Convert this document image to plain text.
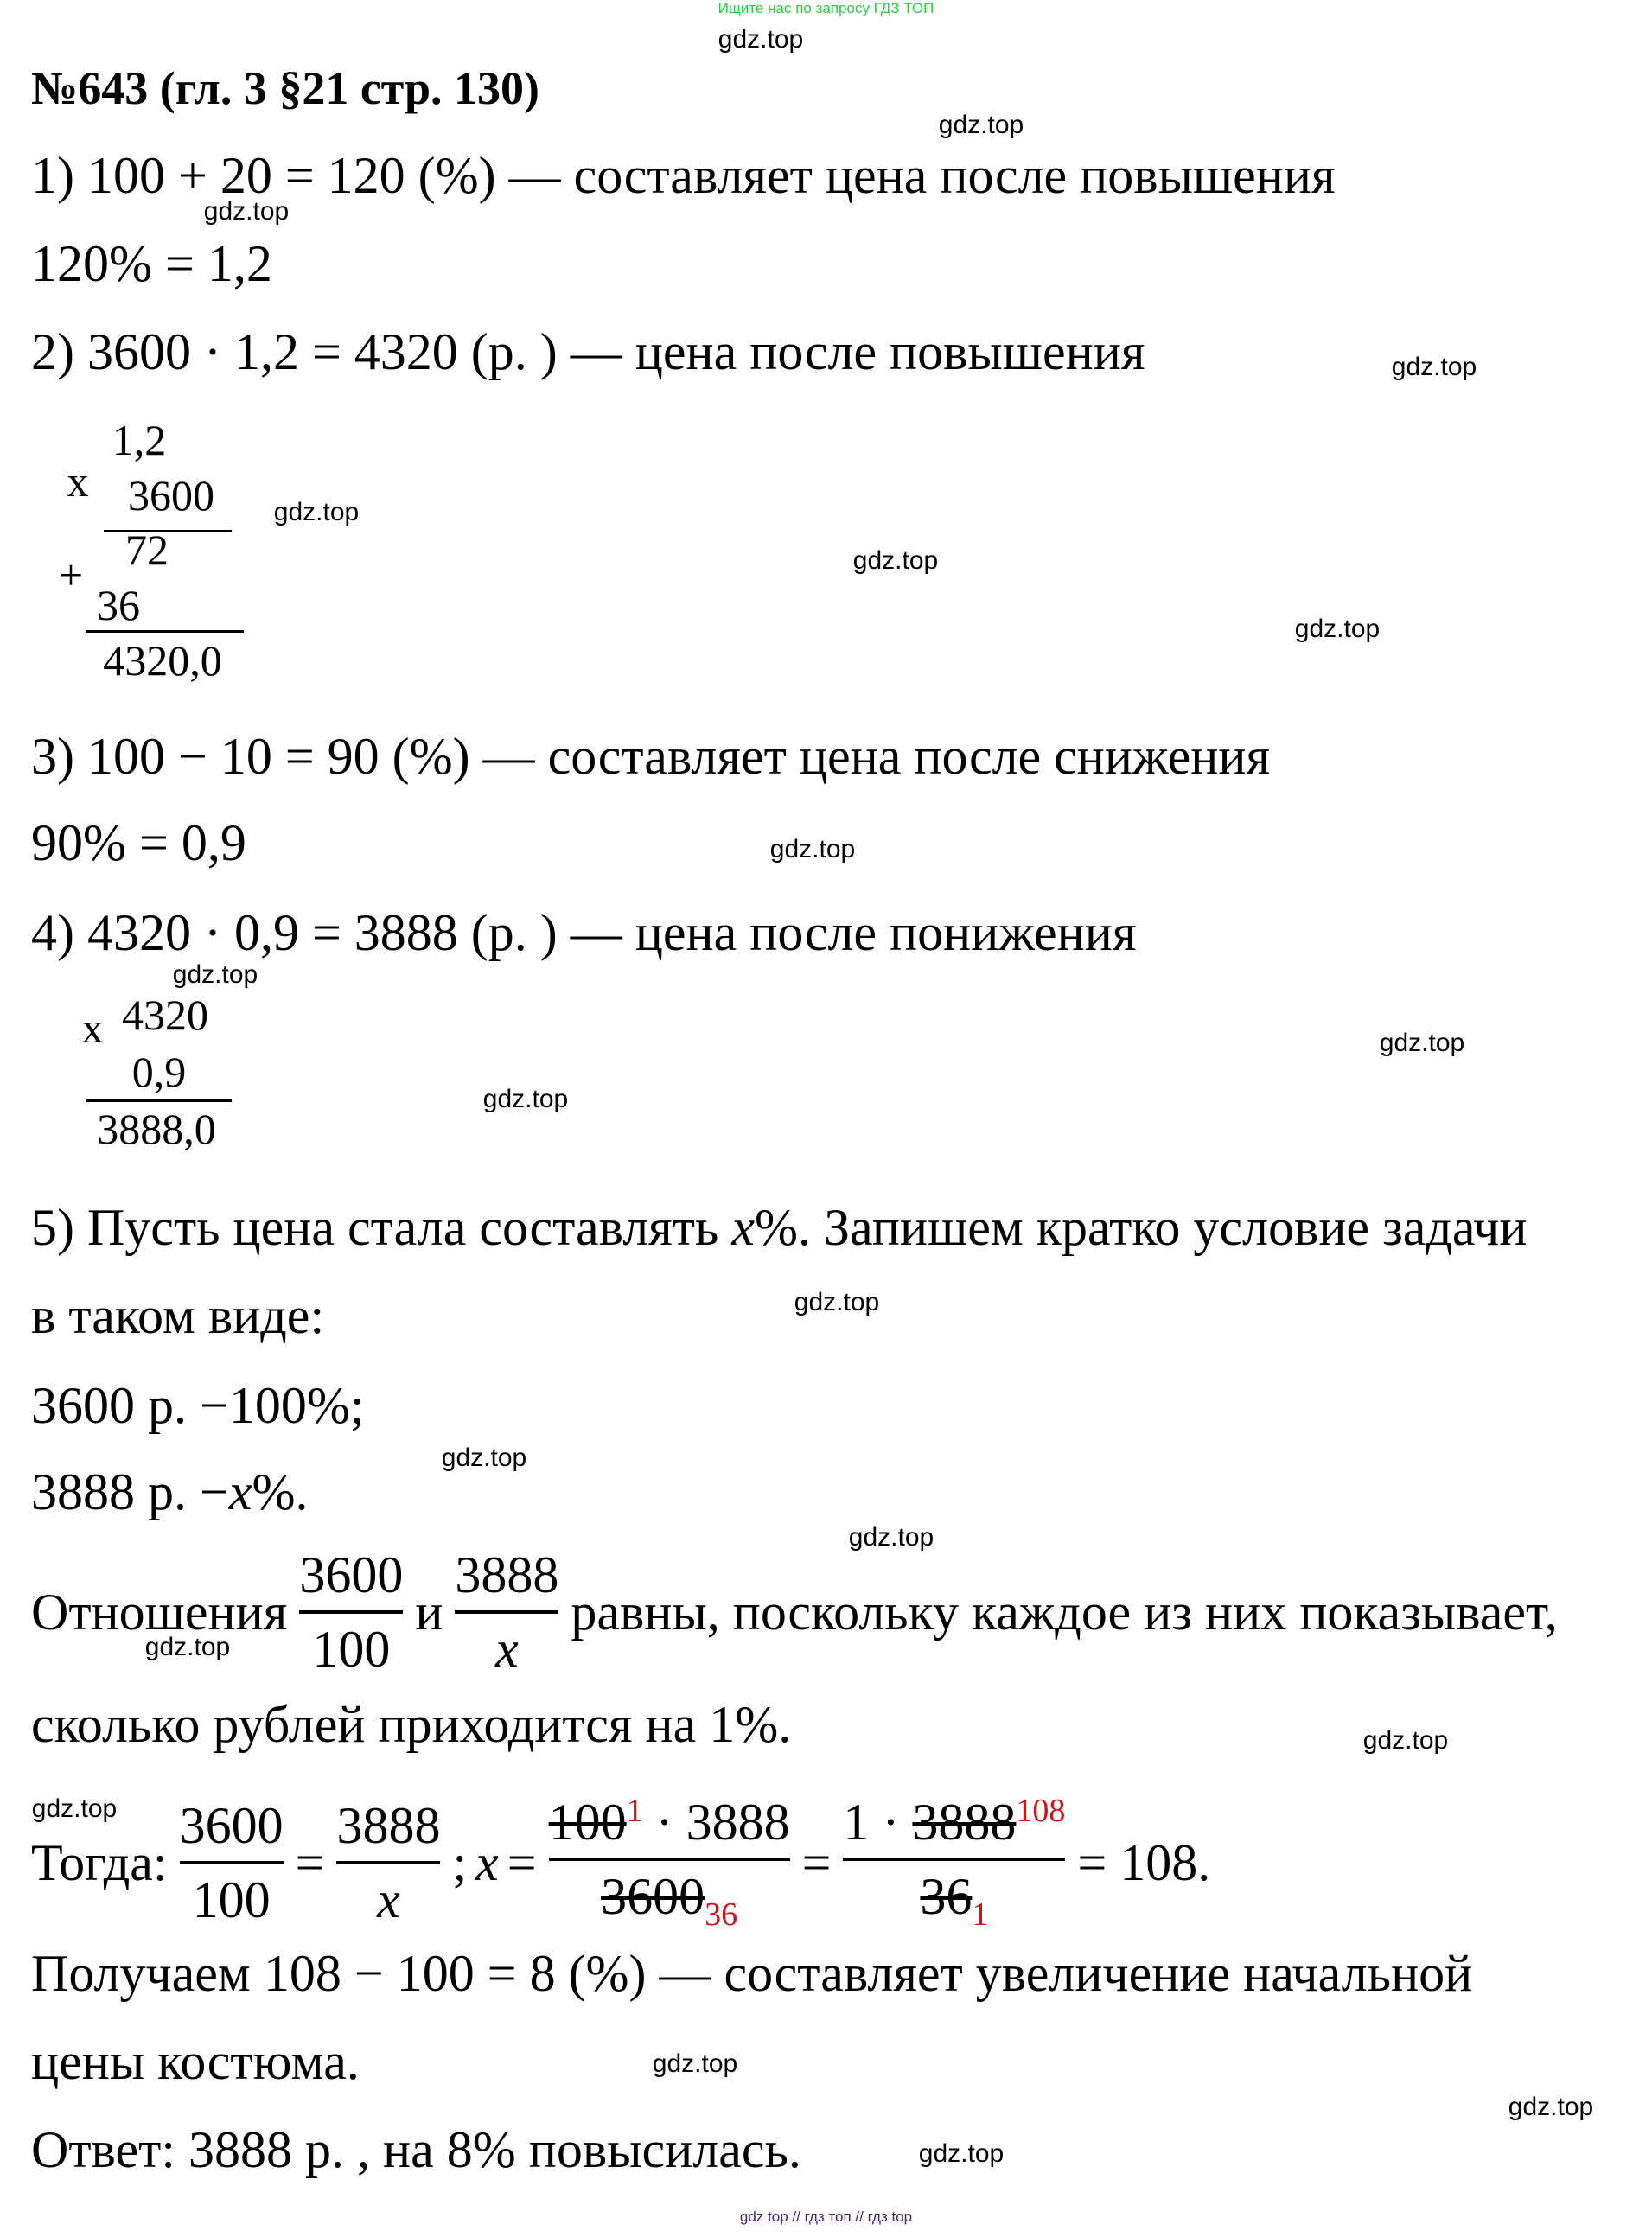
Ищите нас по запросу ГДЗ ТОП
№643 (гл. 3 §21 стр. 130)
1) 100 + 20 = 120 (%) — составляет цена после повышения
120% = 1,2
2) 3600 · 1,2 = 4320 (р. ) — цена после повышения
1,2
x 3600
72
+
36
4320,0
3) 100 − 10 = 90 (%) — составляет цена после снижения
90% = 0,9
4) 4320 · 0,9 = 3888 (р. ) — цена после понижения
x 4320
0,9
3888,0
5) Пусть цена стала составлять x%. Запишем кратко условие задачи
в таком виде:
3600 р. −100%;
3888 р. −x%.
Отношения $\frac{3600}{100}$ и $\frac{3888}{x}$ равны, поскольку каждое из них показывает,
сколько рублей приходится на 1%.
Тогда: $\frac{3600}{100} = \frac{3888}{x}$ ; $x = \frac{100^1 \cdot 3888}{3600_{36}} = \frac{1 \cdot 3888^{108}}{36_1} = 108$.
Получаем 108 − 100 = 8 (%) — составляет увеличение начальной
цены костюма.
Ответ: 3888 р. , на 8% повысилась.
gdz.top
gdz.top
gdz.top
gdz.top
gdz.top
gdz.top
gdz.top
gdz.top
gdz.top
gdz.top
gdz.top
gdz.top
gdz.top
gdz.top
gdz.top
gdz.top
gdz.top
gdz.top
gdz.top
gdz.top
gdz top // гдз топ // гдз top
